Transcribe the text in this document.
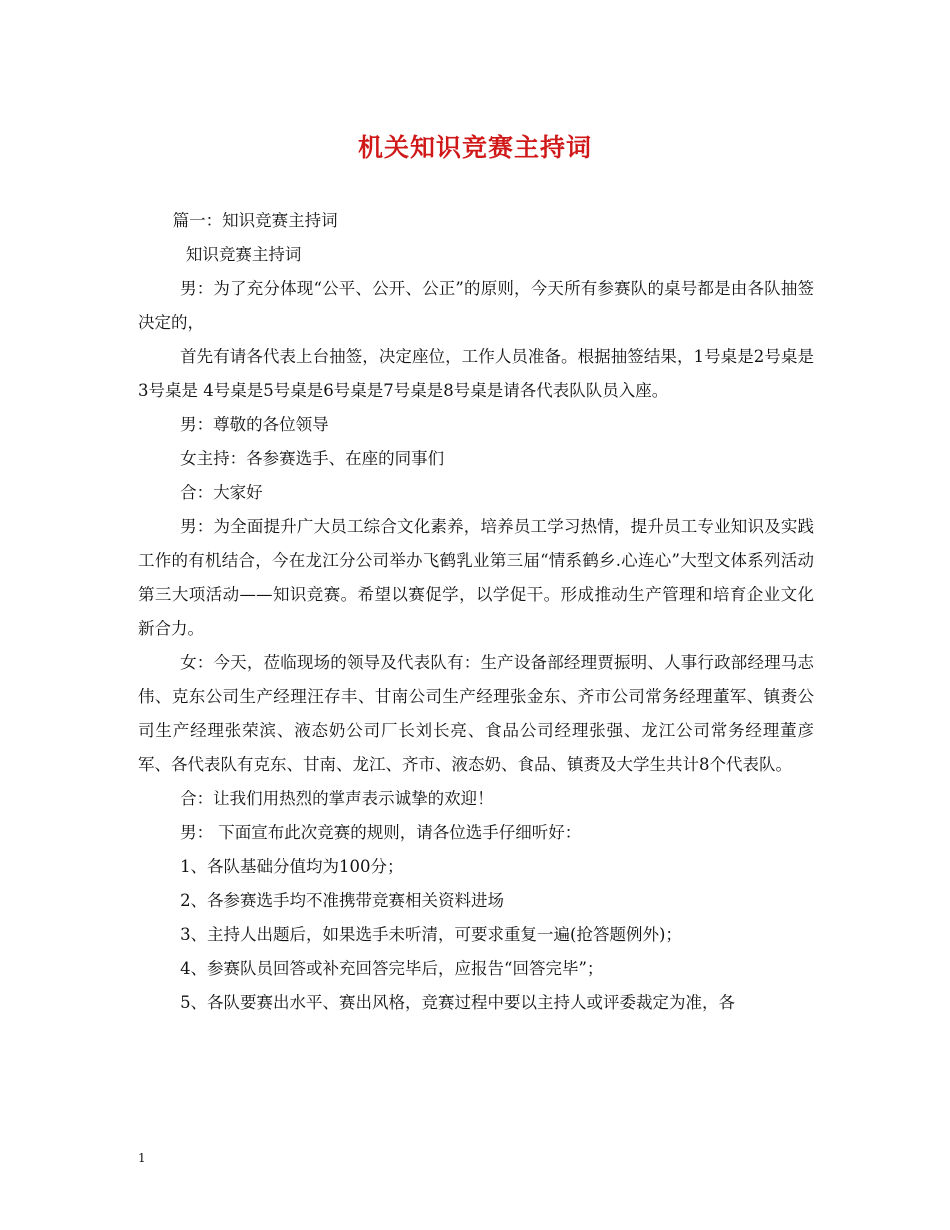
机关知识竞赛主持词

篇一：知识竞赛主持词

知识竞赛主持词

男：为了充分体现“公平、公开、公正”的原则，今天所有参赛队的桌号都是由各队抽签决定的，

首先有请各代表上台抽签，决定座位，工作人员准备。根据抽签结果，1号桌是2号桌是 3号桌是 4号桌是5号桌是6号桌是7号桌是8号桌是请各代表队队员入座。

男：尊敬的各位领导

女主持：各参赛选手、在座的同事们

合：大家好

男：为全面提升广大员工综合文化素养，培养员工学习热情，提升员工专业知识及实践工作的有机结合，今在龙江分公司举办飞鹤乳业第三届“情系鹤乡.心连心”大型文体系列活动第三大项活动——知识竞赛。希望以赛促学，以学促干。形成推动生产管理和培育企业文化新合力。

女：今天，莅临现场的领导及代表队有：生产设备部经理贾振明、人事行政部经理马志伟、克东公司生产经理汪存丰、甘南公司生产经理张金东、齐市公司常务经理董军、镇赉公司生产经理张荣滨、液态奶公司厂长刘长亮、食品公司经理张强、龙江公司常务经理董彦军、各代表队有克东、甘南、龙江、齐市、液态奶、食品、镇赉及大学生共计8个代表队。

合：让我们用热烈的掌声表示诚挚的欢迎！

男： 下面宣布此次竞赛的规则，请各位选手仔细听好：

1、各队基础分值均为100分；

2、各参赛选手均不准携带竞赛相关资料进场

3、主持人出题后，如果选手未听清，可要求重复一遍(抢答题例外)；

4、参赛队员回答或补充回答完毕后，应报告“回答完毕”；

5、各队要赛出水平、赛出风格，竞赛过程中要以主持人或评委裁定为准，各

1
